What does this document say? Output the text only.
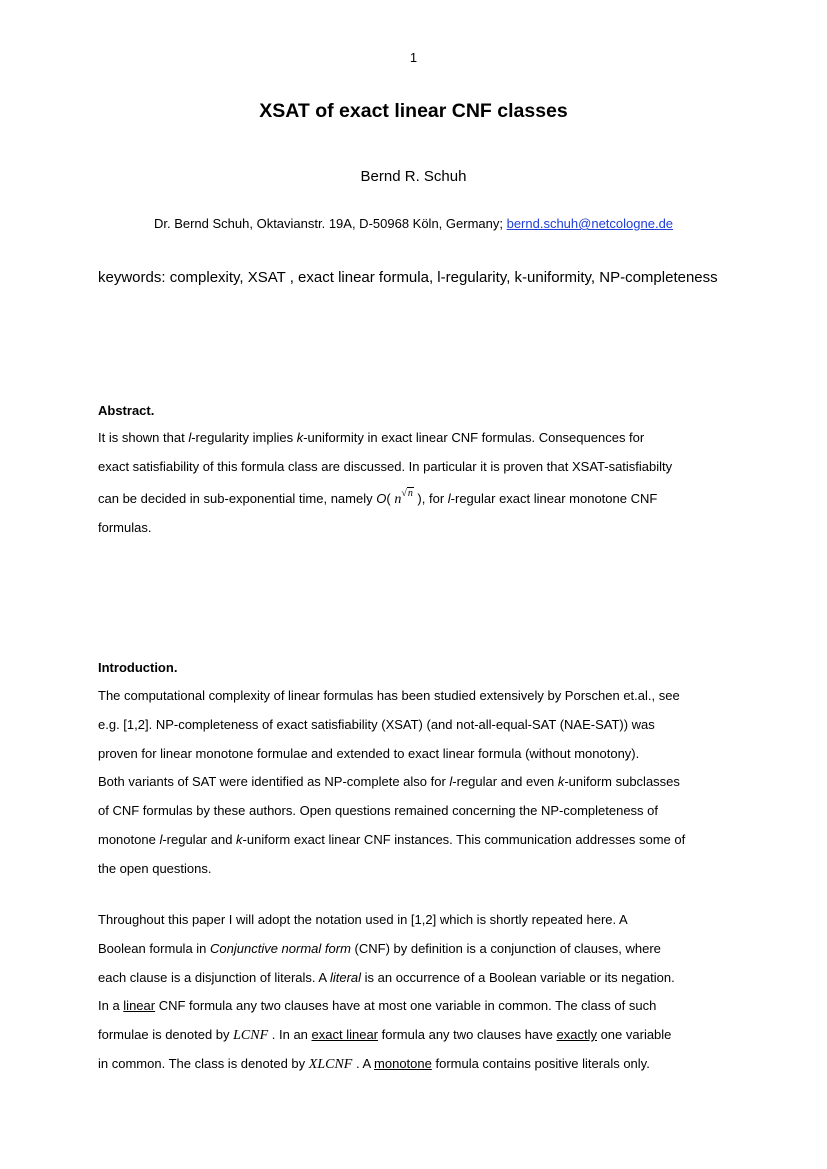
1
XSAT of exact linear CNF classes
Bernd R. Schuh
Dr. Bernd Schuh, Oktavianstr. 19A, D-50968 Köln, Germany; bernd.schuh@netcologne.de
keywords: complexity, XSAT , exact linear formula, l-regularity, k-uniformity, NP-completeness
Abstract.
It is shown that l-regularity implies k-uniformity in exact linear CNF formulas. Consequences for
exact satisfiability of this formula class are discussed. In particular it is proven that XSAT-satisfiabilty
can be decided in sub-exponential time, namely O( $n^{√n}$ ), for l-regular exact linear monotone CNF
formulas.
Introduction.
The computational complexity of linear formulas has been studied extensively by Porschen et.al., see
e.g. [1,2]. NP-completeness of exact satisfiability (XSAT) (and not-all-equal-SAT (NAE-SAT)) was
proven for linear monotone formulae and extended to exact linear formula (without monotony).
Both variants of SAT were identified as NP-complete also for l-regular and even k-uniform subclasses
of CNF formulas by these authors. Open questions remained concerning the NP-completeness of
monotone l-regular and k-uniform exact linear CNF instances. This communication addresses some of
the open questions.
Throughout this paper I will adopt the notation used in [1,2] which is shortly repeated here. A
Boolean formula in Conjunctive normal form (CNF) by definition is a conjunction of clauses, where
each clause is a disjunction of literals. A literal is an occurrence of a Boolean variable or its negation.
In a linear CNF formula any two clauses have at most one variable in common. The class of such
formulae is denoted by LCNF . In an exact linear formula any two clauses have exactly one variable
in common. The class is denoted by XLCNF . A monotone formula contains positive literals only.
